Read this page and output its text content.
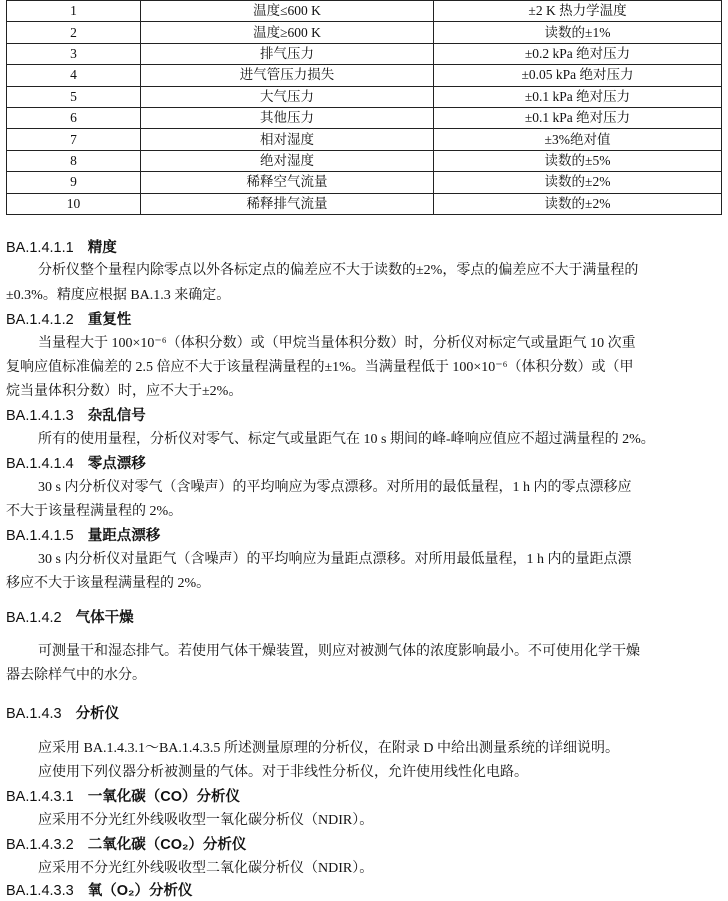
1	温度≤600 K	±2 K 热力学温度
2	温度≥600 K	读数的±1%
3	排气压力	±0.2 kPa 绝对压力
4	进气管压力损失	±0.05 kPa 绝对压力
5	大气压力	±0.1 kPa 绝对压力
6	其他压力	±0.1 kPa 绝对压力
7	相对湿度	±3%绝对值
8	绝对湿度	读数的±5%
9	稀释空气流量	读数的±2%
10	稀释排气流量	读数的±2%
BA.1.4.1.1 精度
分析仪整个量程内除零点以外各标定点的偏差应不大于读数的±2%，零点的偏差应不大于满量程的
±0.3%。精度应根据 BA.1.3 来确定。
BA.1.4.1.2 重复性
当量程大于 100×10⁻⁶（体积分数）或（甲烷当量体积分数）时，分析仪对标定气或量距气 10 次重
复响应值标准偏差的 2.5 倍应不大于该量程满量程的±1%。当满量程低于 100×10⁻⁶（体积分数）或（甲
烷当量体积分数）时，应不大于±2%。
BA.1.4.1.3 杂乱信号
所有的使用量程，分析仪对零气、标定气或量距气在 10 s 期间的峰-峰响应值应不超过满量程的 2%。
BA.1.4.1.4 零点漂移
30 s 内分析仪对零气（含噪声）的平均响应为零点漂移。对所用的最低量程，1 h 内的零点漂移应
不大于该量程满量程的 2%。
BA.1.4.1.5 量距点漂移
30 s 内分析仪对量距气（含噪声）的平均响应为量距点漂移。对所用最低量程，1 h 内的量距点漂
移应不大于该量程满量程的 2%。
BA.1.4.2 气体干燥
可测量干和湿态排气。若使用气体干燥装置，则应对被测气体的浓度影响最小。不可使用化学干燥
器去除样气中的水分。
BA.1.4.3 分析仪
应采用 BA.1.4.3.1～BA.1.4.3.5 所述测量原理的分析仪，在附录 D 中给出测量系统的详细说明。
应使用下列仪器分析被测量的气体。对于非线性分析仪，允许使用线性化电路。
BA.1.4.3.1 一氧化碳（CO）分析仪
应采用不分光红外线吸收型一氧化碳分析仪（NDIR）。
BA.1.4.3.2 二氧化碳（CO₂）分析仪
应采用不分光红外线吸收型二氧化碳分析仪（NDIR）。
BA.1.4.3.3 氧（O₂）分析仪
